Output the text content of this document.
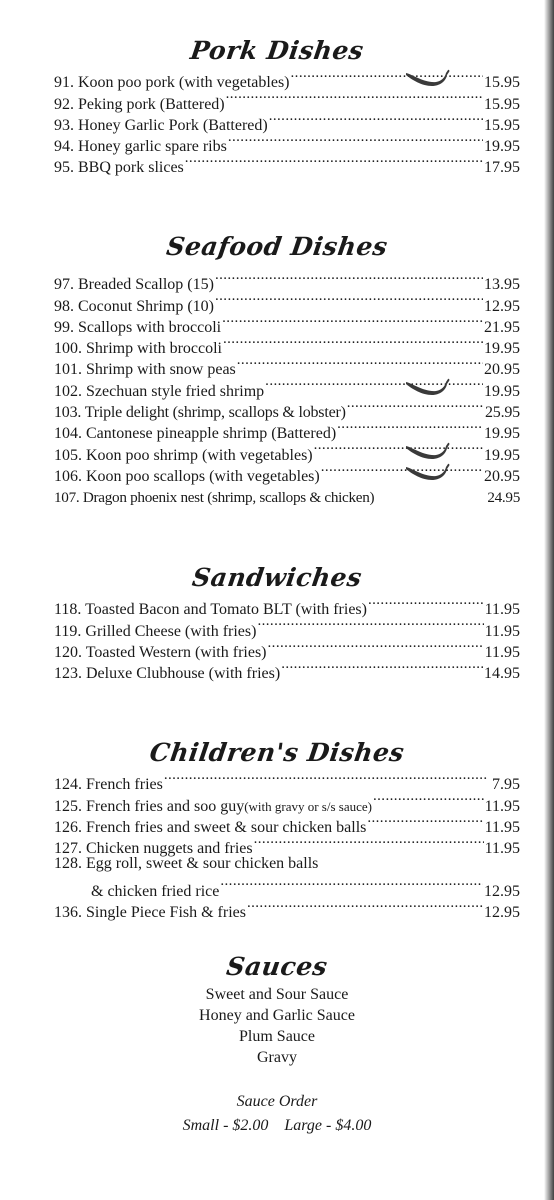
Pork Dishes
91. Koon poo pork (with vegetables) .....	15.95
92. Peking pork (Battered) .....	15.95
93. Honey Garlic Pork (Battered) .....	15.95
94. Honey garlic spare ribs .....	19.95
95. BBQ pork slices .....	17.95
Seafood Dishes
97. Breaded Scallop (15) .....	13.95
98. Coconut Shrimp (10) .....	12.95
99. Scallops with broccoli .....	21.95
100. Shrimp with broccoli .....	19.95
101. Shrimp with snow peas .....	20.95
102. Szechuan style fried shrimp .....	19.95
103. Triple delight (shrimp, scallops & lobster) .....	25.95
104. Cantonese pineapple shrimp (Battered) .....	19.95
105. Koon poo shrimp (with vegetables) .....	19.95
106. Koon poo scallops (with vegetables) .....	20.95
107. Dragon phoenix nest (shrimp, scallops & chicken)	24.95
Sandwiches
118. Toasted Bacon and Tomato BLT (with fries) .....	11.95
119. Grilled Cheese (with fries) .....	11.95
120. Toasted Western (with fries) .....	11.95
123. Deluxe Clubhouse (with fries) .....	14.95
Children's Dishes
124. French fries .....	7.95
125. French fries and soo guy (with gravy or s/s sauce) .....	11.95
126. French fries and sweet & sour chicken balls .....	11.95
127. Chicken nuggets and fries .....	11.95
128. Egg roll, sweet & sour chicken balls
& chicken fried rice .....	12.95
136. Single Piece Fish & fries .....	12.95
Sauces
Sweet and Sour Sauce
Honey and Garlic Sauce
Plum Sauce
Gravy
Sauce Order
Small - $2.00    Large - $4.00
